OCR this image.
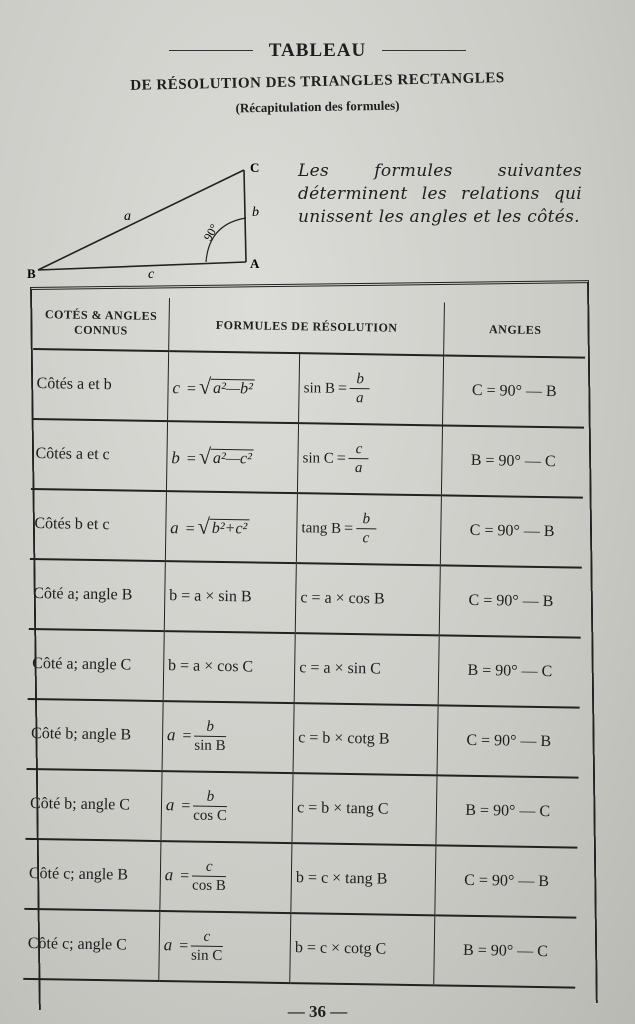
TABLEAU
DE RÉSOLUTION DES TRIANGLES RECTANGLES
(Récapitulation des formules)
B
C
A
a	b
c
90°
Les formules suivantes déterminent les relations qui unissent les angles et les côtés.
COTÉS & ANGLES CONNUS	FORMULES DE RÉSOLUTION		ANGLES
Côtés a et b	c = √ a²—b²	$\sin B = \frac{b}{a}$	C = 90° — B
Côtés a et c	b = √ a²—c²	$\sin C = \frac{c}{a}$	B = 90° — C
Côtés b et c	a = √ b²+c²	tang $B = \frac{b}{c}$	C = 90° — B
Côté a; angle B	b = a × sin B	c = a × cos B	C = 90° — B
Côté a; angle C	b = a × cos C	c = a × sin C	B = 90° — C
Côté b; angle B	$a = \frac{b}{\text{sin B}}$	c = b × cotg B	C = 90° — B
Côté b; angle C	$a = \frac{b}{\text{cos C}}$	c = b × tang C	B = 90° — C
Côté c; angle B	$a = \frac{c}{\text{cos B}}$	b = c × tang B	C = 90° — B
Côté c; angle C	$a = \frac{c}{\text{sin C}}$	b = c × cotg C	B = 90° — C
— 36 —
